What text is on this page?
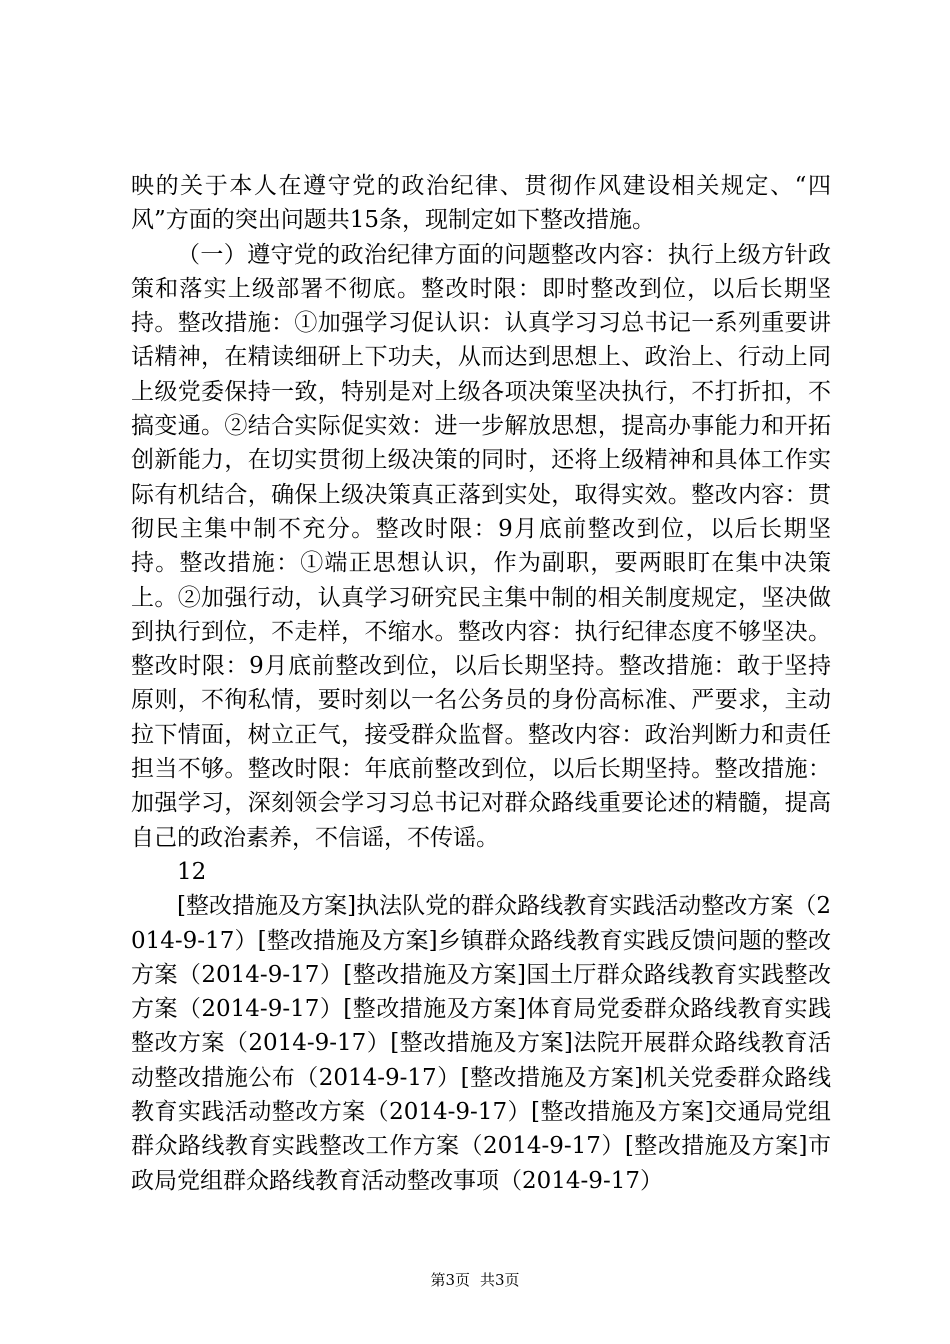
映的关于本人在遵守党的政治纪律、贯彻作风建设相关规定、“四风”方面的突出问题共15条，现制定如下整改措施。

（一）遵守党的政治纪律方面的问题整改内容：执行上级方针政策和落实上级部署不彻底。整改时限：即时整改到位，以后长期坚持。整改措施：①加强学习促认识：认真学习习总书记一系列重要讲话精神，在精读细研上下功夫，从而达到思想上、政治上、行动上同上级党委保持一致，特别是对上级各项决策坚决执行，不打折扣，不搞变通。②结合实际促实效：进一步解放思想，提高办事能力和开拓创新能力，在切实贯彻上级决策的同时，还将上级精神和具体工作实际有机结合，确保上级决策真正落到实处，取得实效。整改内容：贯彻民主集中制不充分。整改时限：9月底前整改到位，以后长期坚持。整改措施：①端正思想认识，作为副职，要两眼盯在集中决策上。②加强行动，认真学习研究民主集中制的相关制度规定，坚决做到执行到位，不走样，不缩水。整改内容：执行纪律态度不够坚决。整改时限：9月底前整改到位，以后长期坚持。整改措施：敢于坚持原则，不徇私情，要时刻以一名公务员的身份高标准、严要求，主动拉下情面，树立正气，接受群众监督。整改内容：政治判断力和责任担当不够。整改时限：年底前整改到位，以后长期坚持。整改措施：加强学习，深刻领会学习习总书记对群众路线重要论述的精髓，提高自己的政治素养，不信谣，不传谣。

12

[整改措施及方案]执法队党的群众路线教育实践活动整改方案（2014-9-17）[整改措施及方案]乡镇群众路线教育实践反馈问题的整改方案（2014-9-17）[整改措施及方案]国土厅群众路线教育实践整改方案（2014-9-17）[整改措施及方案]体育局党委群众路线教育实践整改方案（2014-9-17）[整改措施及方案]法院开展群众路线教育活动整改措施公布（2014-9-17）[整改措施及方案]机关党委群众路线教育实践活动整改方案（2014-9-17）[整改措施及方案]交通局党组群众路线教育实践整改工作方案（2014-9-17）[整改措施及方案]市政局党组群众路线教育活动整改事项（2014-9-17）

第3页 共3页
